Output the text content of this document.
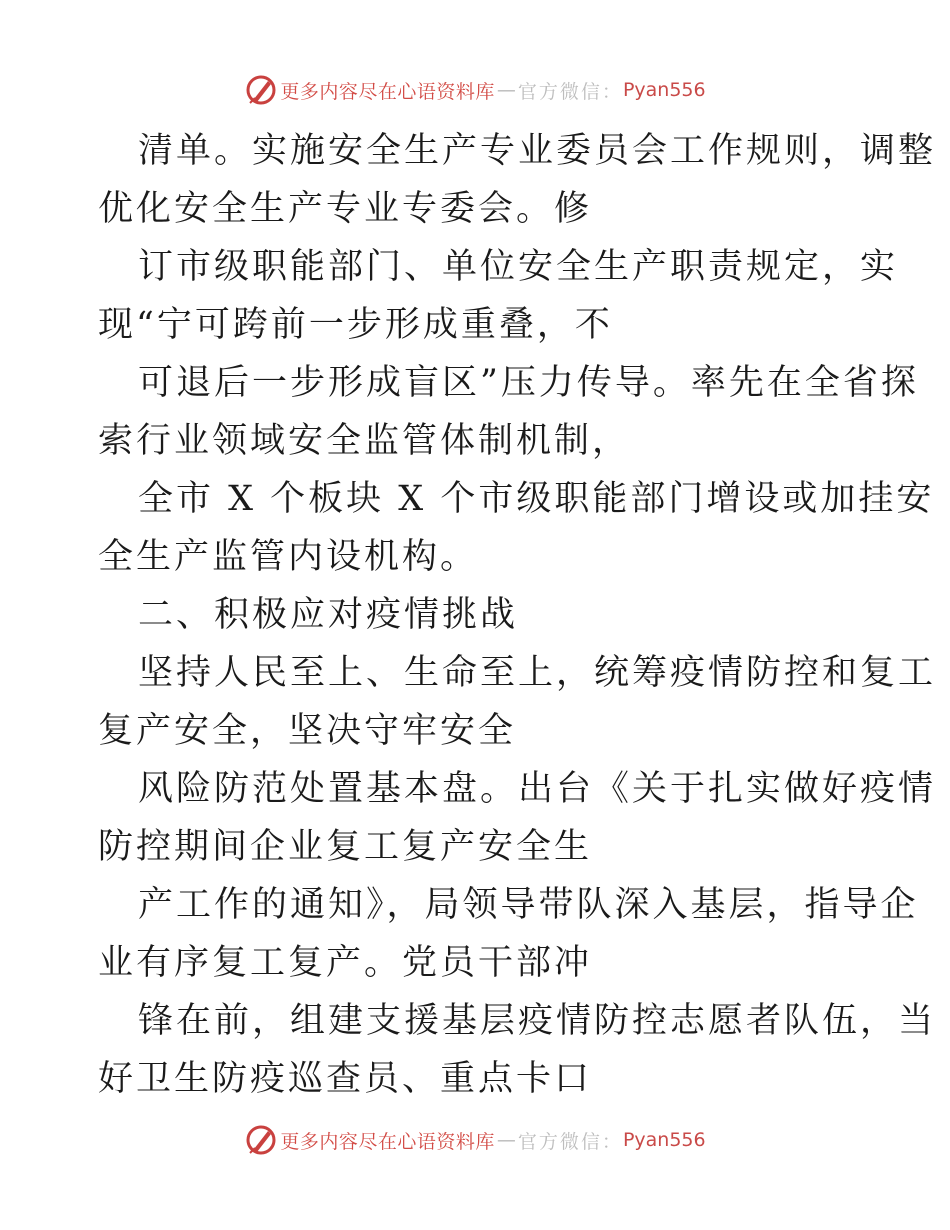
更多内容尽在心语资料库 — 官方微信： Pyan556
清单。实施安全生产专业委员会工作规则，调整
优化安全生产专业专委会。修
订市级职能部门、单位安全生产职责规定，实
现“宁可跨前一步形成重叠，不
可退后一步形成盲区”压力传导。率先在全省探
索行业领域安全监管体制机制，
全市 X 个板块 X 个市级职能部门增设或加挂安
全生产监管内设机构。
二、积极应对疫情挑战
坚持人民至上、生命至上，统筹疫情防控和复工
复产安全，坚决守牢安全
风险防范处置基本盘。出台《关于扎实做好疫情
防控期间企业复工复产安全生
产工作的通知》，局领导带队深入基层，指导企
业有序复工复产。党员干部冲
锋在前，组建支援基层疫情防控志愿者队伍，当
好卫生防疫巡查员、重点卡口
更多内容尽在心语资料库 — 官方微信： Pyan556
